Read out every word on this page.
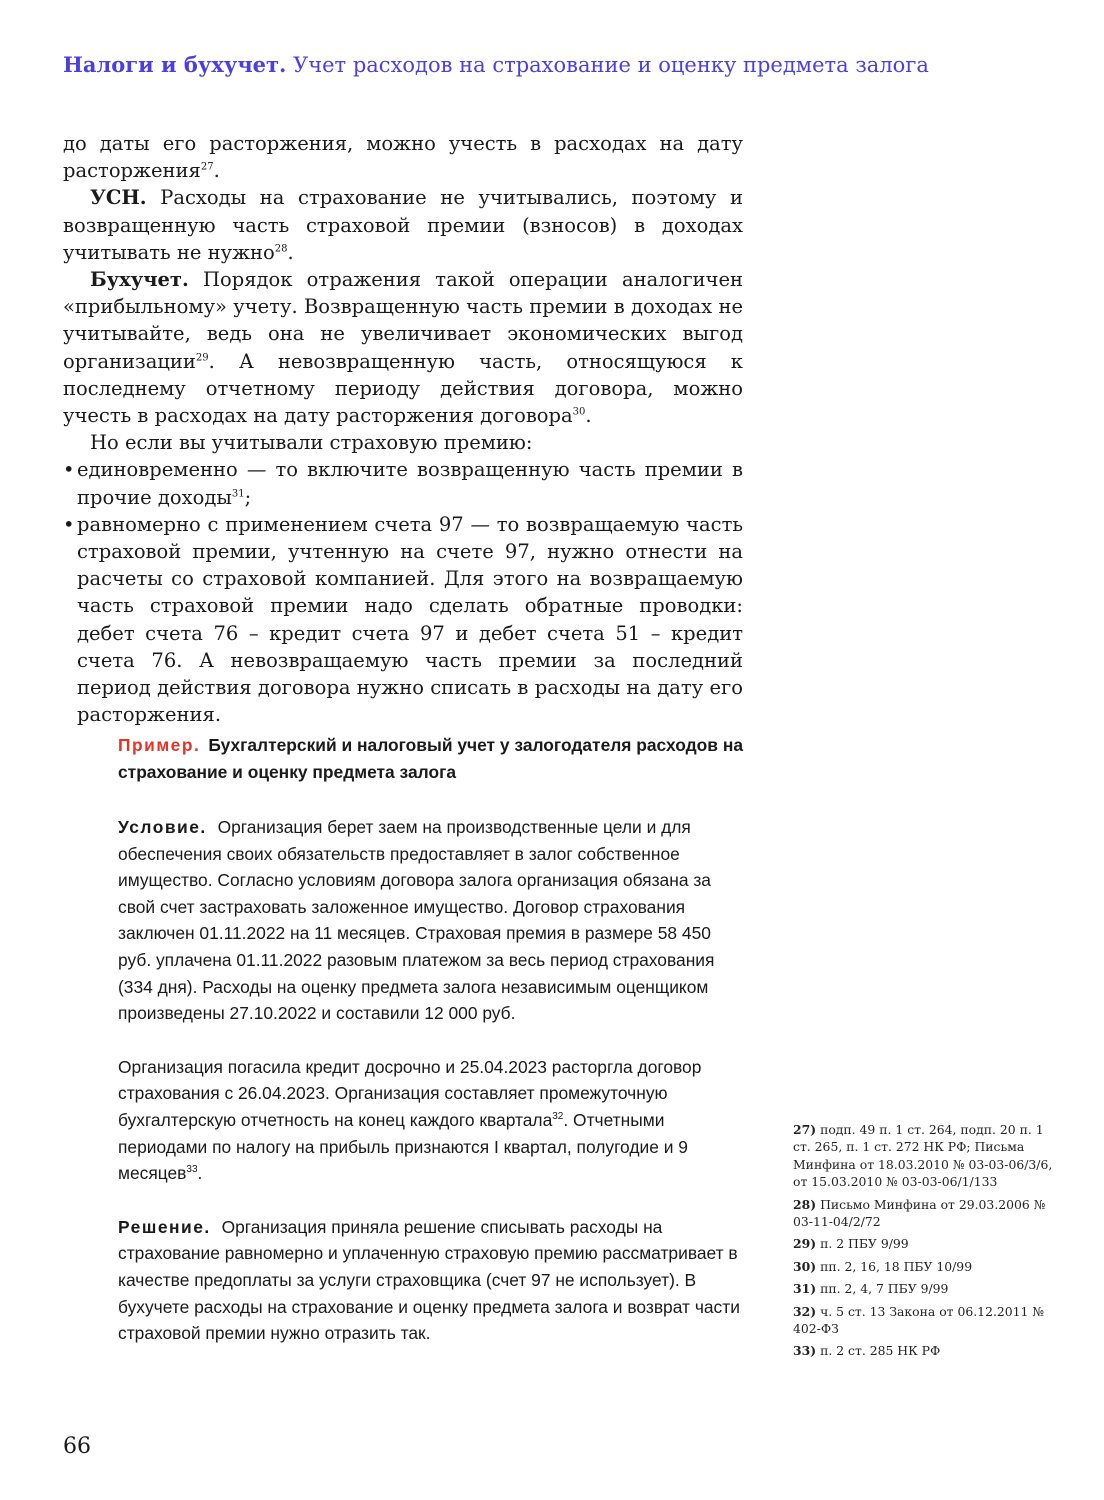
Налоги и бухучет. Учет расходов на страхование и оценку предмета залога

до даты его расторжения, можно учесть в расходах на дату расторжения$^{27}$.

УСН. Расходы на страхование не учитывались, поэтому и возвращенную часть страховой премии (взносов) в доходах учитывать не нужно$^{28}$.

Бухучет. Порядок отражения такой операции аналогичен «прибыльному» учету. Возвращенную часть премии в доходах не учитывайте, ведь она не увеличивает экономических выгод организации$^{29}$. А невозвращенную часть, относящуюся к последнему отчетному периоду действия договора, можно учесть в расходах на дату расторжения договора$^{30}$.

Но если вы учитывали страховую премию:

• единовременно — то включите возвращенную часть премии в прочие доходы$^{31}$;
• равномерно с применением счета 97 — то возвращаемую часть страховой премии, учтенную на счете 97, нужно отнести на расчеты со страховой компанией. Для этого на возвращаемую часть страховой премии надо сделать обратные проводки: дебет счета 76 – кредит счета 97 и дебет счета 51 – кредит счета 76. А невозвращаемую часть премии за последний период действия договора нужно списать в расходы на дату его расторжения.

Пример. Бухгалтерский и налоговый учет у залогодателя расходов на страхование и оценку предмета залога

Условие. Организация берет заем на производственные цели и для обеспечения своих обязательств предоставляет в залог собственное имущество. Согласно условиям договора залога организация обязана за свой счет застраховать заложенное имущество. Договор страхования заключен 01.11.2022 на 11 месяцев. Страховая премия в размере 58 450 руб. уплачена 01.11.2022 разовым платежом за весь период страхования (334 дня). Расходы на оценку предмета залога независимым оценщиком произведены 27.10.2022 и составили 12 000 руб.

Организация погасила кредит досрочно и 25.04.2023 расторгла договор страхования с 26.04.2023. Организация составляет промежуточную бухгалтерскую отчетность на конец каждого квартала$^{32}$. Отчетными периодами по налогу на прибыль признаются I квартал, полугодие и 9 месяцев$^{33}$.

Решение. Организация приняла решение списывать расходы на страхование равномерно и уплаченную страховую премию рассматривает в качестве предоплаты за услуги страховщика (счет 97 не использует). В бухучете расходы на страхование и оценку предмета залога и возврат части страховой премии нужно отразить так.

27) подп. 49 п. 1 ст. 264, подп. 20 п. 1 ст. 265, п. 1 ст. 272 НК РФ; Письма Минфина от 18.03.2010 № 03-03-06/3/6, от 15.03.2010 № 03-03-06/1/133
28) Письмо Минфина от 29.03.2006 № 03-11-04/2/72
29) п. 2 ПБУ 9/99
30) пп. 2, 16, 18 ПБУ 10/99
31) пп. 2, 4, 7 ПБУ 9/99
32) ч. 5 ст. 13 Закона от 06.12.2011 № 402-ФЗ
33) п. 2 ст. 285 НК РФ
66
